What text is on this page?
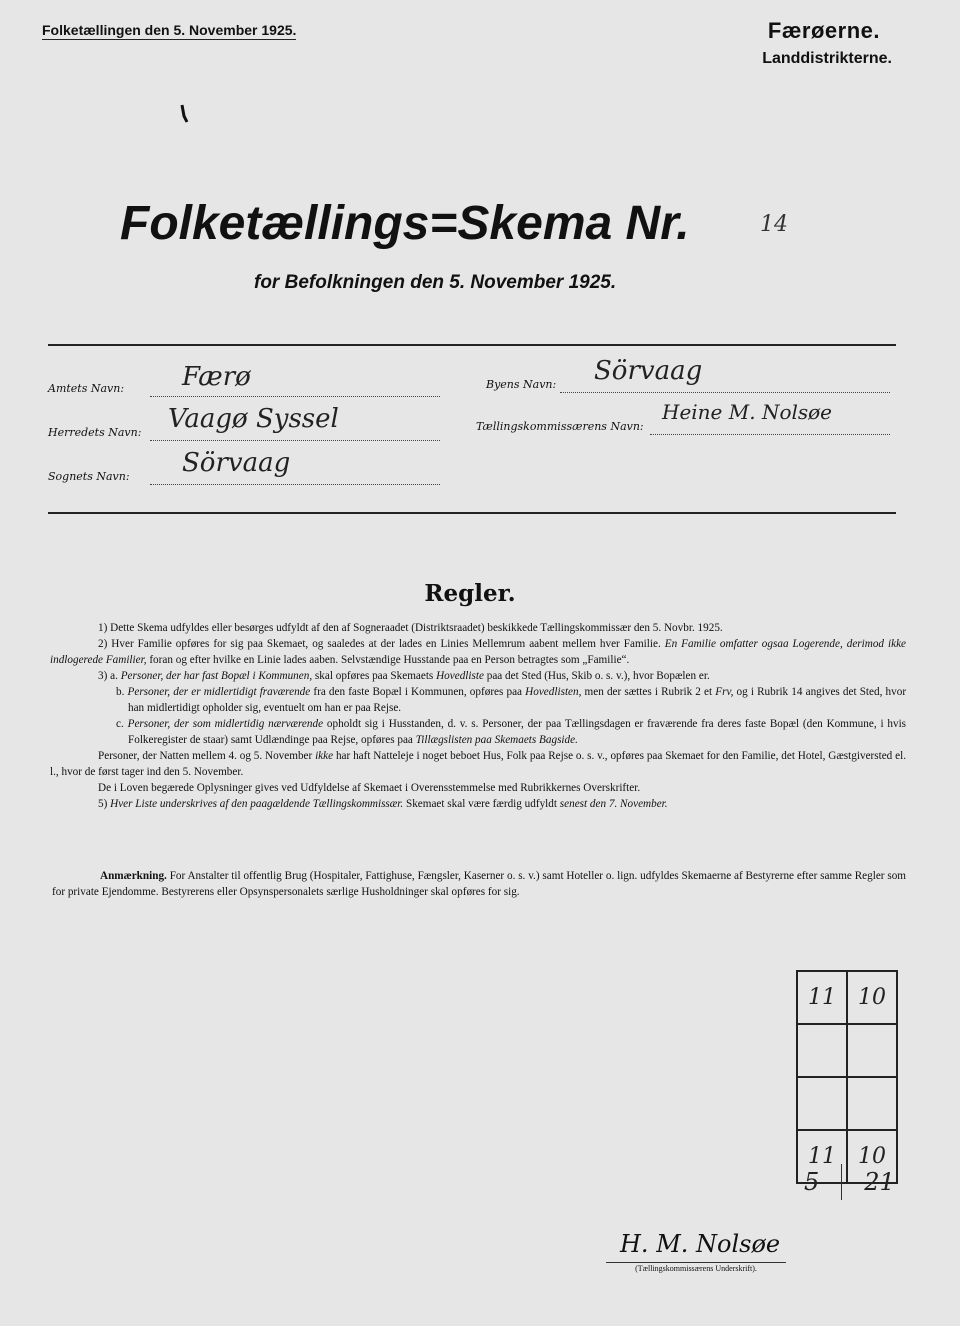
Folketællingen den 5. November 1925.	Færøerne.
Landdistrikterne.
Folketællings=Skema Nr.	14
for Befolkningen den 5. November 1925.
Amtets Navn: Færø
Herredets Navn: Vaagø Syssel
Sognets Navn: Sörvaag
Byens Navn: Sörvaag
Tællingskommissærens Navn:
Heine M. Nolsøe
Regler.

1) Dette Skema udfyldes eller besørges udfyldt af den af Sogneraadet (Distriktsraadet) beskikkede Tællingskommissær den 5. Novbr. 1925.

2) Hver Familie opføres for sig paa Skemaet, og saaledes at der lades en Linies Mellemrum aabent mellem hver Familie. En Familie omfatter ogsaa Logerende, derimod ikke indlogerede Familier, foran og efter hvilke en Linie lades aaben. Selvstændige Husstande paa en Person betragtes som „Familie“.

3) a. Personer, der har fast Bopæl i Kommunen, skal opføres paa Skemaets Hovedliste paa det Sted (Hus, Skib o. s. v.), hvor Bopælen er.

b. Personer, der er midlertidigt fraværende fra den faste Bopæl i Kommunen, opføres paa Hovedlisten, men der sættes i Rubrik 2 et Frv, og i Rubrik 14 angives det Sted, hvor han midlertidigt opholder sig, eventuelt om han er paa Rejse.

c. Personer, der som midlertidig nærværende opholdt sig i Husstanden, d. v. s. Personer, der paa Tællingsdagen er fraværende fra deres faste Bopæl (den Kommune, i hvis Folkeregister de staar) samt Udlændinge paa Rejse, opføres paa Tillægslisten paa Skemaets Bagside.

Personer, der Natten mellem 4. og 5. November ikke har haft Natteleje i noget beboet Hus, Folk paa Rejse o. s. v., opføres paa Skemaet for den Familie, det Hotel, Gæstgiversted el. l., hvor de først tager ind den 5. November.

De i Loven begærede Oplysninger gives ved Udfyldelse af Skemaet i Overensstemmelse med Rubrikkernes Overskrifter.

5) Hver Liste underskrives af den paagældende Tællingskommissær. Skemaet skal være færdig udfyldt senest den 7. November.

Anmærkning. For Anstalter til offentlig Brug (Hospitaler, Fattighuse, Fængsler, Kaserner o. s. v.) samt Hoteller o. lign. udfyldes Skemaerne af Bestyrerne efter samme Regler som for private Ejendomme. Bestyrerens eller Opsynspersonalets særlige Husholdninger skal opføres for sig.
11	10

11	10
5 21
H. M. Nolsøe
(Tællingskommissærens Underskrift).
